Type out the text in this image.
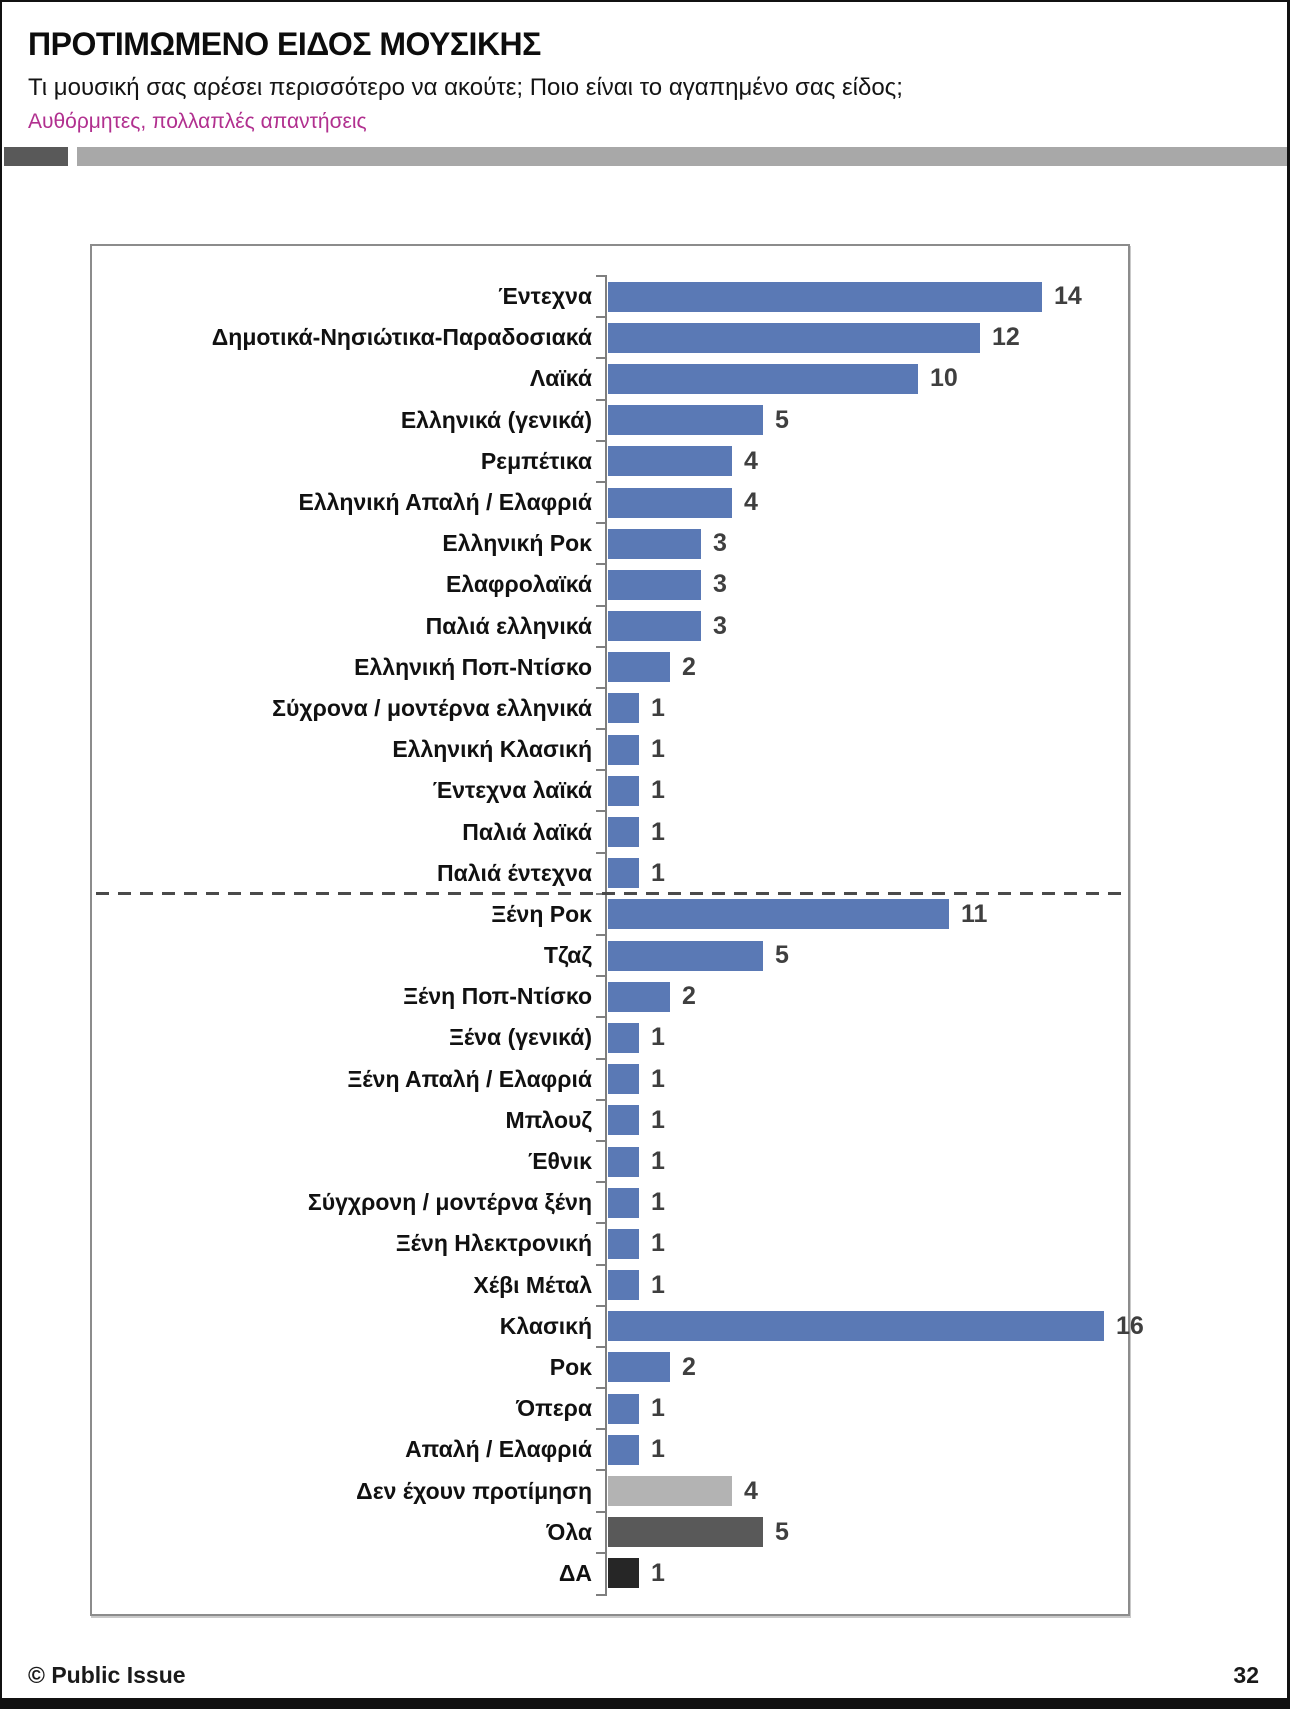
ΠΡΟΤΙΜΩΜΕΝΟ ΕΙΔΟΣ ΜΟΥΣΙΚΗΣ
Τι μουσική σας αρέσει περισσότερο να ακούτε; Ποιο είναι το αγαπημένο σας είδος;
Αυθόρμητες, πολλαπλές απαντήσεις
Έντεχνα	14
Δημοτικά-Νησιώτικα-Παραδοσιακά	12
Λαϊκά	10
Ελληνικά (γενικά)	5
Ρεμπέτικα	4
Ελληνική Απαλή / Ελαφριά	4
Ελληνική Ροκ	3
Ελαφρολαϊκά	3
Παλιά ελληνικά	3
Ελληνική Ποπ-Ντίσκο	2
Σύχρονα / μοντέρνα ελληνικά	1
Ελληνική Κλασική	1
Έντεχνα λαϊκά	1
Παλιά λαϊκά	1
Παλιά έντεχνα	1
Ξένη Ροκ	11
Τζαζ	5
Ξένη Ποπ-Ντίσκο	2
Ξένα (γενικά)	1
Ξένη Απαλή / Ελαφριά	1
Μπλουζ	1
Έθνικ	1
Σύγχρονη / μοντέρνα ξένη	1
Ξένη Ηλεκτρονική	1
Χέβι Μέταλ	1
Κλασική	16
Ροκ	2
Όπερα	1
Απαλή / Ελαφριά	1
Δεν έχουν προτίμηση	4
Όλα	5
ΔΑ	1
© Public Issue	32
